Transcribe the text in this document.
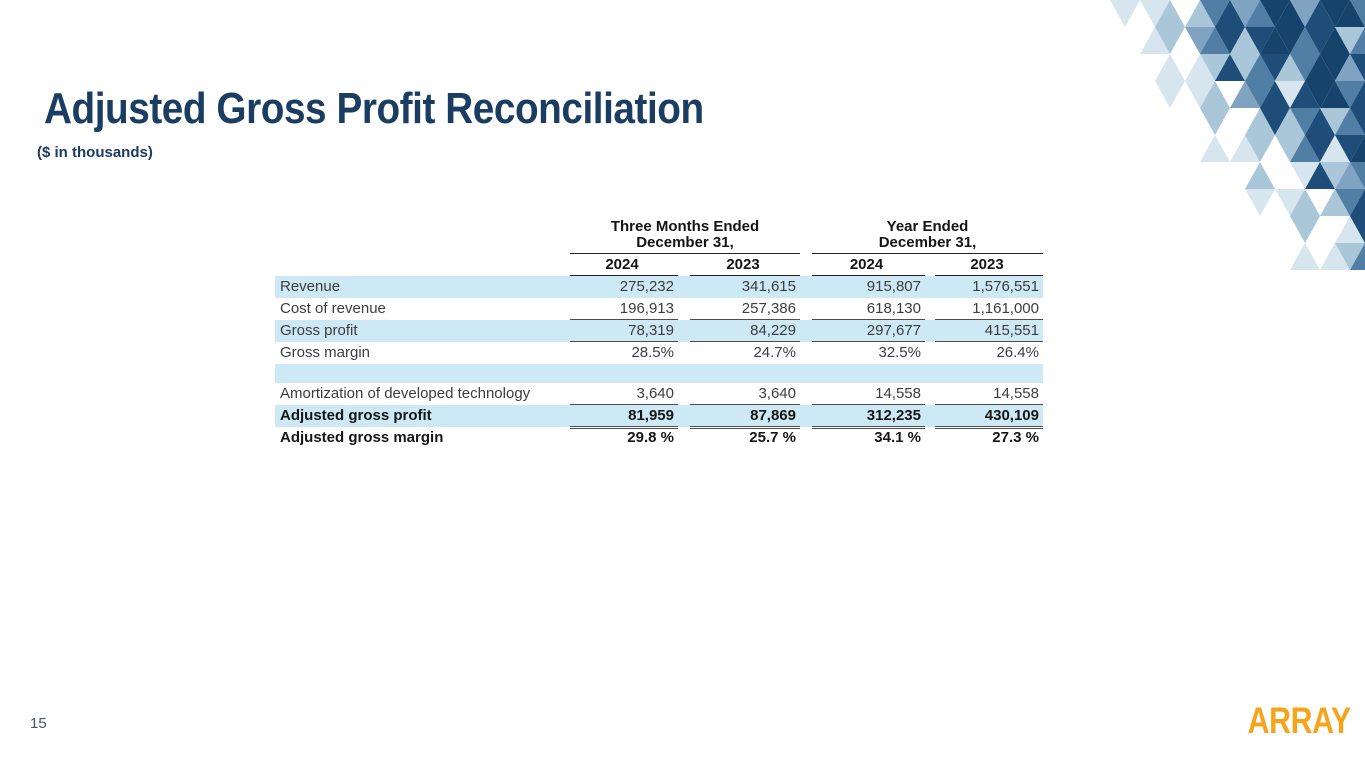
Adjusted Gross Profit Reconciliation
($ in thousands)
Three Months Ended
December 31,
Year Ended
December 31,
2024	2023	2024	2023
Revenue	275,232	341,615	915,807	1,576,551
Cost of revenue	196,913	257,386	618,130	1,161,000
Gross profit	78,319	84,229	297,677	415,551
Gross margin	28.5%	24.7%	32.5%	26.4%
Amortization of developed technology	3,640	3,640	14,558	14,558
Adjusted gross profit	81,959	87,869	312,235	430,109
Adjusted gross margin	29.8 %	25.7 %	34.1 %	27.3 %
15	ARRAY
